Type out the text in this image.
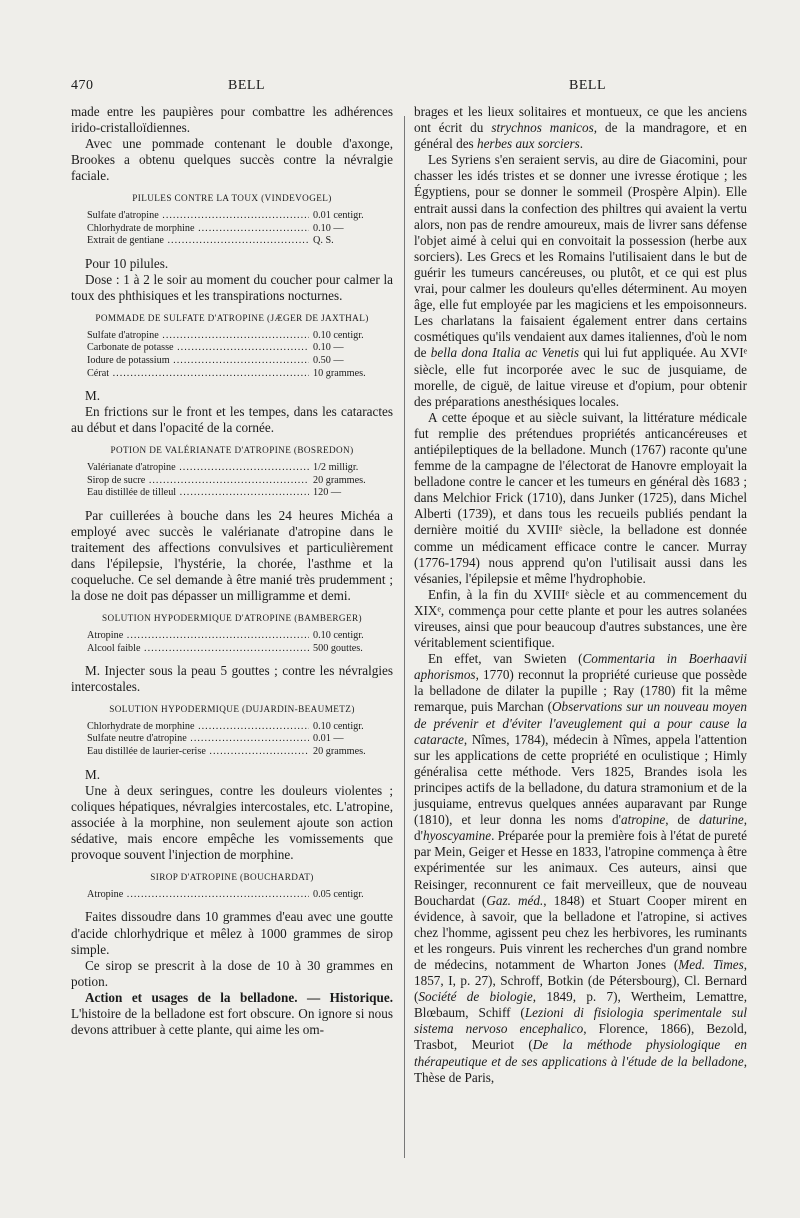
470	BELL	BELL

made entre les paupières pour combattre les adhérences irido-cristalloïdiennes.

Avec une pommade contenant le double d'axonge, Brookes a obtenu quelques succès contre la névralgie faciale.

PILULES CONTRE LA TOUX (VINDEVOGEL)
Sulfate d'atropine .....	0.01 centigr.
Chlorhydrate de morphine .....	0.10 —
Extrait de gentiane .....	Q. S.

Pour 10 pilules.

Dose : 1 à 2 le soir au moment du coucher pour calmer la toux des phthisiques et les transpirations nocturnes.

POMMADE DE SULFATE D'ATROPINE (JÆGER DE JAXTHAL)
Sulfate d'atropine .....	0.10 centigr.
Carbonate de potasse .....	0.10 —
Iodure de potassium .....	0.50 —
Cérat .....	10 grammes.

M.

En frictions sur le front et les tempes, dans les cataractes au début et dans l'opacité de la cornée.

POTION DE VALÉRIANATE D'ATROPINE (BOSREDON)
Valérianate d'atropine .....	1/2 milligr.
Sirop de sucre .....	20 grammes.
Eau distillée de tilleul .....	120 —

Par cuillerées à bouche dans les 24 heures Michéa a employé avec succès le valérianate d'atropine dans le traitement des affections convulsives et particulièrement dans l'épilepsie, l'hystérie, la chorée, l'asthme et la coqueluche. Ce sel demande à être manié très prudemment ; la dose ne doit pas dépasser un milligramme et demi.

SOLUTION HYPODERMIQUE D'ATROPINE (BAMBERGER)
Atropine .....	0.10 centigr.
Alcool faible .....	500 gouttes.

M. Injecter sous la peau 5 gouttes ; contre les névralgies intercostales.

SOLUTION HYPODERMIQUE (DUJARDIN-BEAUMETZ)
Chlorhydrate de morphine .....	0.10 centigr.
Sulfate neutre d'atropine .....	0.01 —
Eau distillée de laurier-cerise .....	20 grammes.

M.

Une à deux seringues, contre les douleurs violentes ; coliques hépatiques, névralgies intercostales, etc. L'atropine, associée à la morphine, non seulement ajoute son action sédative, mais encore empêche les vomissements que provoque souvent l'injection de morphine.

SIROP D'ATROPINE (BOUCHARDAT)
Atropine .....	0.05 centigr.

Faites dissoudre dans 10 grammes d'eau avec une goutte d'acide chlorhydrique et mêlez à 1000 grammes de sirop simple.

Ce sirop se prescrit à la dose de 10 à 30 grammes en potion.

Action et usages de la belladone. — Historique. L'histoire de la belladone est fort obscure. On ignore si nous devons attribuer à cette plante, qui aime les om-

brages et les lieux solitaires et montueux, ce que les anciens ont écrit du strychnos manicos, de la mandragore, et en général des herbes aux sorciers.

Les Syriens s'en seraient servis, au dire de Giacomini, pour chasser les idés tristes et se donner une ivresse érotique ; les Égyptiens, pour se donner le sommeil (Prospère Alpin). Elle entrait aussi dans la confection des philtres qui avaient la vertu alors, non pas de rendre amoureux, mais de livrer sans défense l'objet aimé à celui qui en convoitait la possession (herbe aux sorciers). Les Grecs et les Romains l'utilisaient dans le but de guérir les tumeurs cancéreuses, ou plutôt, et ce qui est plus vrai, pour calmer les douleurs qu'elles déterminent. Au moyen âge, elle fut employée par les magiciens et les empoisonneurs. Les charlatans la faisaient également entrer dans certains cosmétiques qu'ils vendaient aux dames italiennes, d'où le nom de bella dona Italia ac Venetis qui lui fut appliquée. Au XVIᵉ siècle, elle fut incorporée avec le suc de jusquiame, de morelle, de ciguë, de laitue vireuse et d'opium, pour obtenir des préparations anesthésiques locales.

A cette époque et au siècle suivant, la littérature médicale fut remplie des prétendues propriétés anticancéreuses et antiépileptiques de la belladone. Munch (1767) raconte qu'une femme de la campagne de l'électorat de Hanovre employait la belladone contre le cancer et les tumeurs en général dès 1683 ; dans Melchior Frick (1710), dans Junker (1725), dans Michel Alberti (1739), et dans tous les recueils publiés pendant la dernière moitié du XVIIIᵉ siècle, la belladone est donnée comme un médicament efficace contre le cancer. Murray (1776-1794) nous apprend qu'on l'utilisait aussi dans les vésanies, l'épilepsie et même l'hydrophobie.

Enfin, à la fin du XVIIIᵉ siècle et au commencement du XIXᵉ, commença pour cette plante et pour les autres solanées vireuses, ainsi que pour beaucoup d'autres substances, une ère véritablement scientifique.

En effet, van Swieten (Commentaria in Boerhaavii aphorismos, 1770) reconnut la propriété curieuse que possède la belladone de dilater la pupille ; Ray (1780) fit la même remarque, puis Marchan (Observations sur un nouveau moyen de prévenir et d'éviter l'aveuglement qui a pour cause la cataracte, Nîmes, 1784), médecin à Nîmes, appela l'attention sur les applications de cette propriété en oculistique ; Himly généralisa cette méthode. Vers 1825, Brandes isola les principes actifs de la belladone, du datura stramonium et de la jusquiame, entrevus quelques années auparavant par Runge (1810), et leur donna les noms d'atropine, de daturine, d'hyoscyamine. Préparée pour la première fois à l'état de pureté par Mein, Geiger et Hesse en 1833, l'atropine commença à être expérimentée sur les animaux. Ces auteurs, ainsi que Reisinger, reconnurent ce fait merveilleux, que de nouveau Bouchardat (Gaz. méd., 1848) et Stuart Cooper mirent en évidence, à savoir, que la belladone et l'atropine, si actives chez l'homme, agissent peu chez les herbivores, les ruminants et les rongeurs. Puis vinrent les recherches d'un grand nombre de médecins, notamment de Wharton Jones (Med. Times, 1857, I, p. 27), Schroff, Botkin (de Pétersbourg), Cl. Bernard (Société de biologie, 1849, p. 7), Wertheim, Lemattre, Blœbaum, Schiff (Lezioni di fisiologia sperimentale sul sistema nervoso encephalico, Florence, 1866), Bezold, Trasbot, Meuriot (De la méthode physiologique en thérapeutique et de ses applications à l'étude de la belladone, Thèse de Paris,
